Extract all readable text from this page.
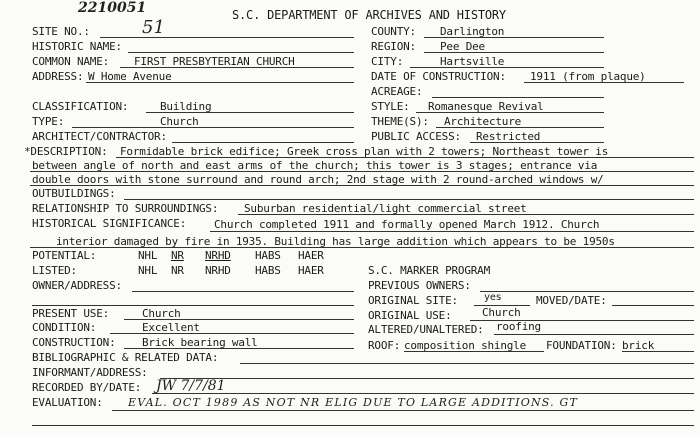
2210051	S.C. DEPARTMENT OF ARCHIVES AND HISTORY
SITE NO.:	51	COUNTY: Darlington
HISTORIC NAME:	REGION: Pee Dee
COMMON NAME: FIRST PRESBYTERIAN CHURCH	CITY:	Hartsville
ADDRESS: W Home Avenue	DATE OF CONSTRUCTION: 1911 (from plaque)
ACREAGE:
CLASSIFICATION:	Building	STYLE: Romanesque Revival
TYPE:	Church	THEME(S): Architecture
ARCHITECT/CONTRACTOR:	PUBLIC ACCESS: Restricted
*DESCRIPTION: Formidable brick edifice; Greek cross plan with 2 towers; Northeast tower is
between angle of north and east arms of the church; this tower is 3 stages; entrance via
double doors with stone surround and round arch; 2nd stage with 2 round-arched windows w/
OUTBUILDINGS:
RELATIONSHIP TO SURROUNDINGS: Suburban residential/light commercial street
HISTORICAL SIGNIFICANCE:	Church completed 1911 and formally opened March 1912. Church
interior damaged by fire in 1935. Building has large addition which appears to be 1950s
POTENTIAL:	NHL NR NRHD HABS HAER
LISTED:	NHL NR NRHD HABS HAER	S.C. MARKER PROGRAM
OWNER/ADDRESS:	PREVIOUS OWNERS:
ORIGINAL SITE:	yes	MOVED/DATE:
PRESENT USE:	Church	ORIGINAL USE:	Church
CONDITION:	Excellent	ALTERED/UNALTERED: roofing
CONSTRUCTION: Brick bearing wall	ROOF: composition shingle FOUNDATION: brick
BIBLIOGRAPHIC & RELATED DATA:
INFORMANT/ADDRESS:
RECORDED BY/DATE: JW 7/7/81
EVALUATION: EVAL. OCT 1989 AS NOT NR ELIG DUE TO LARGE ADDITIONS. GT
